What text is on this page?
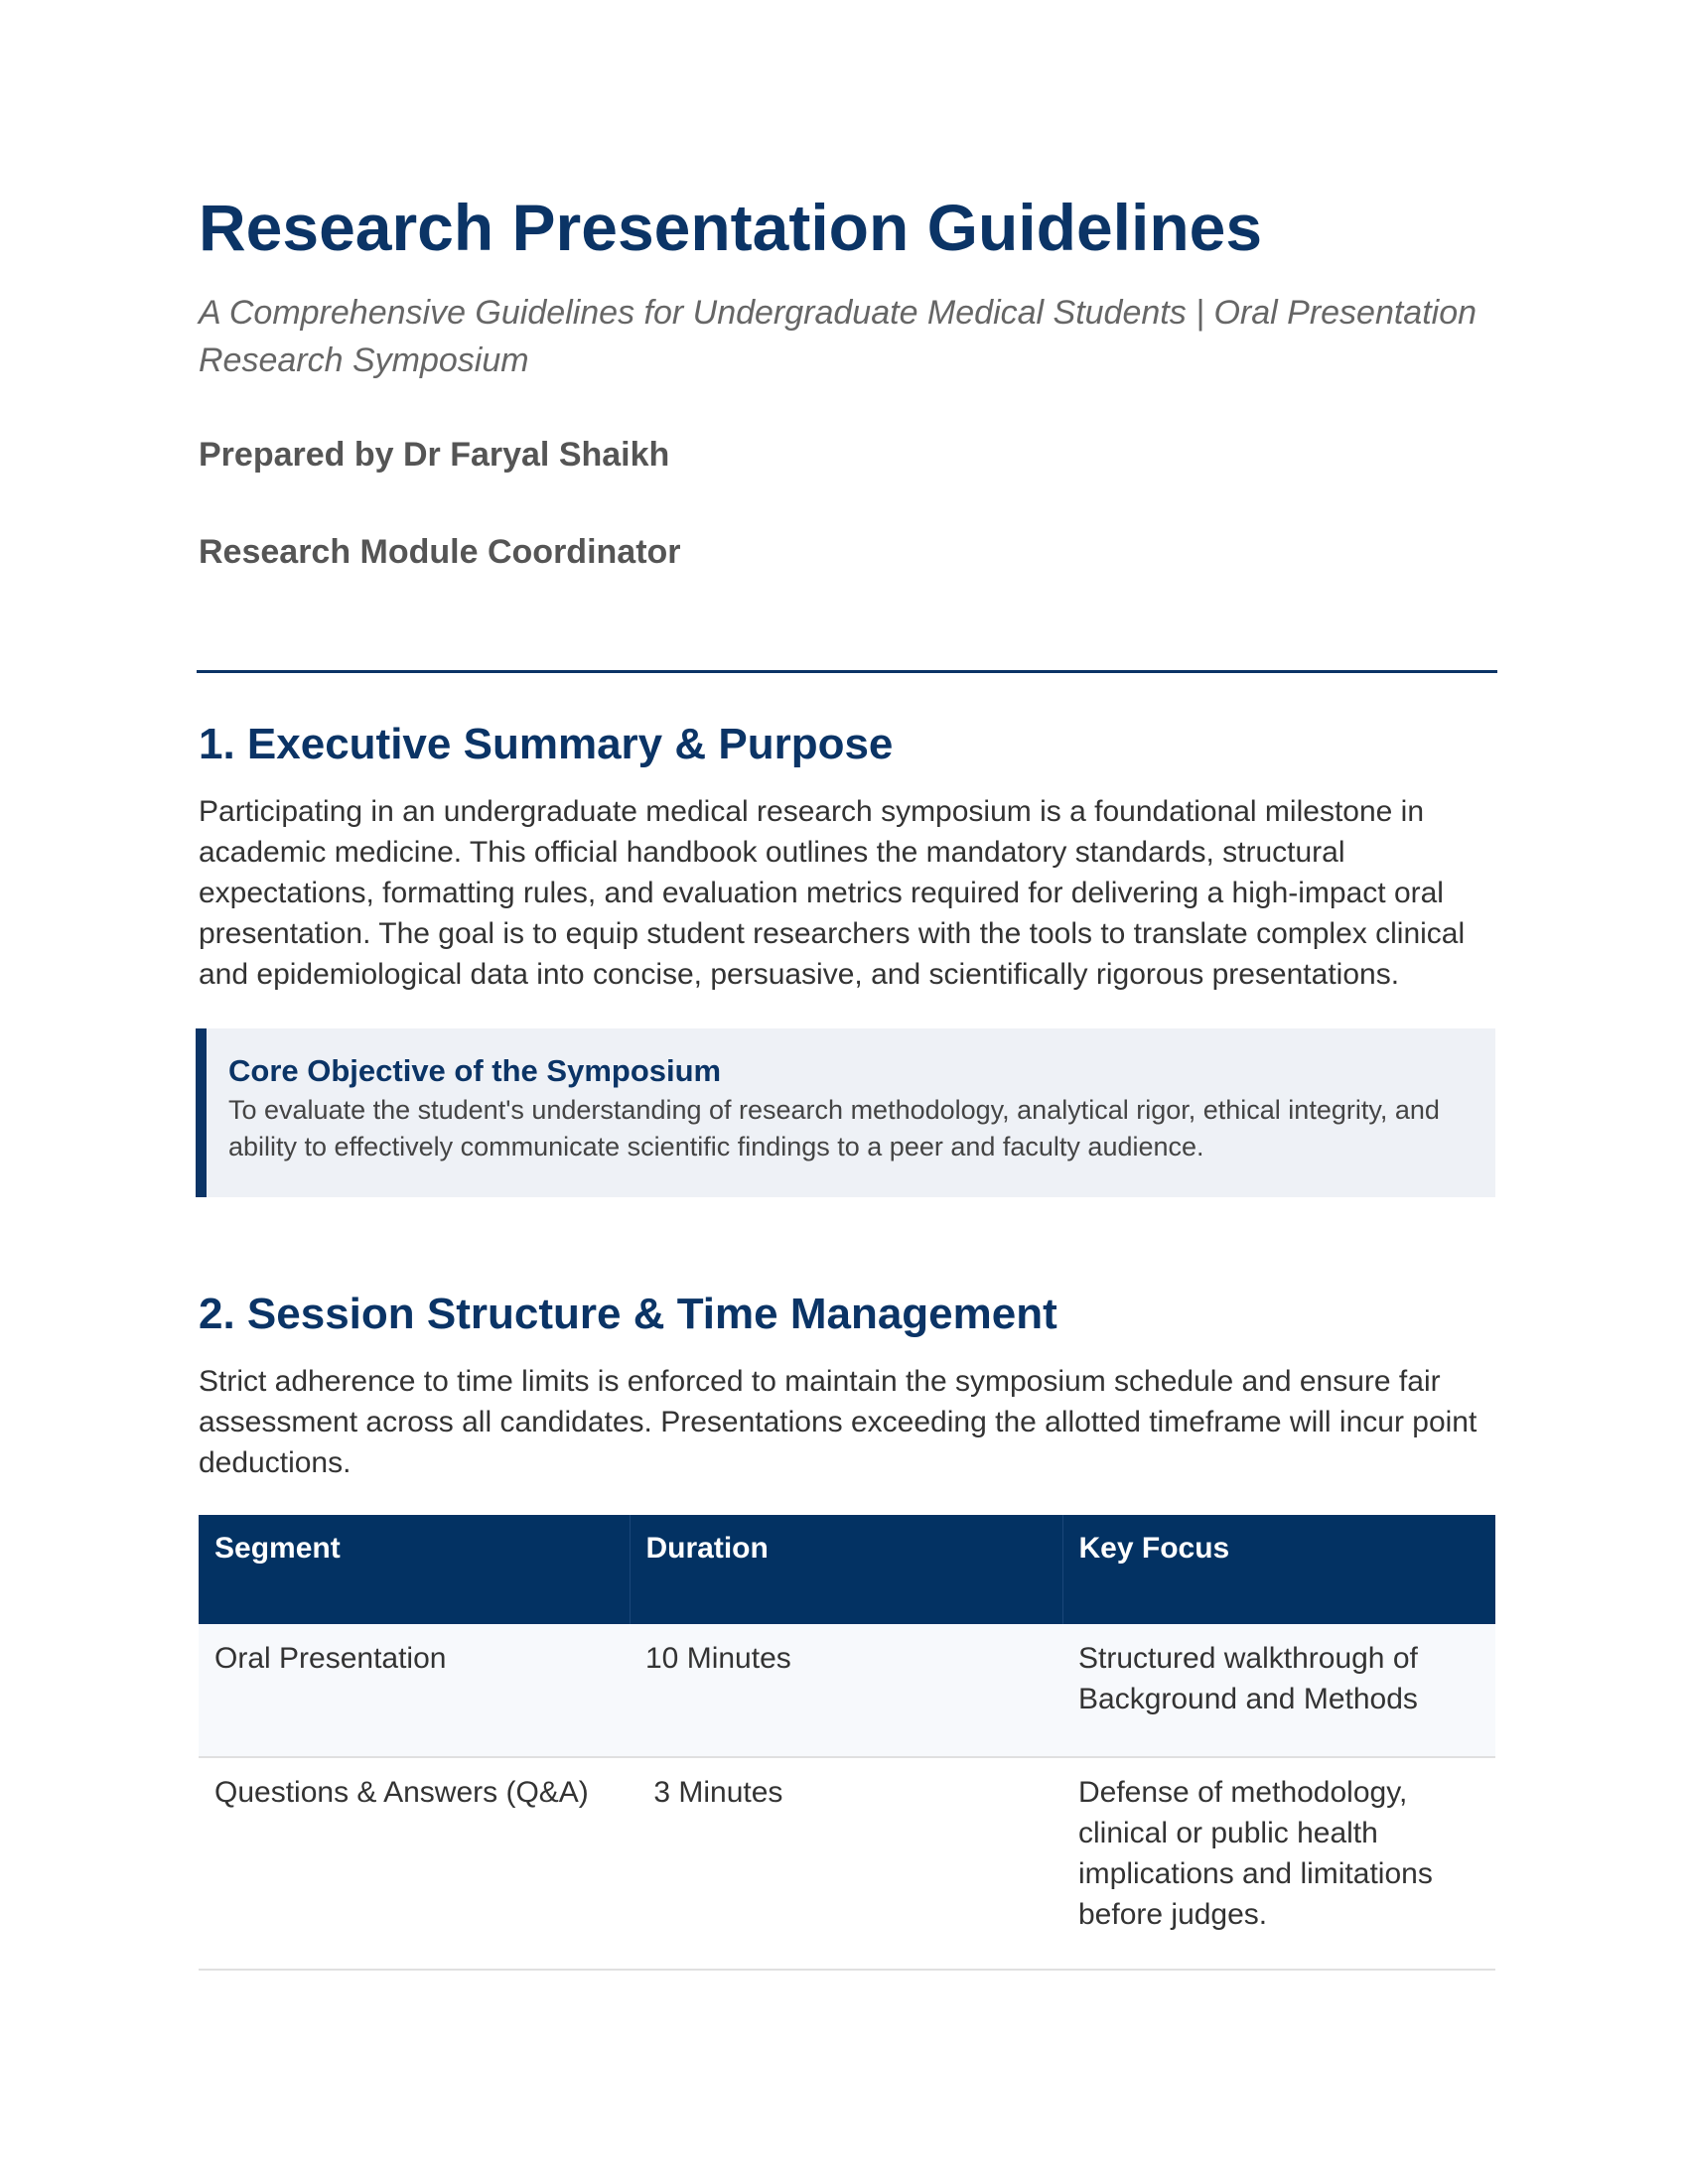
Research Presentation Guidelines

A Comprehensive Guidelines for Undergraduate Medical Students | Oral Presentation Research Symposium

Prepared by Dr Faryal Shaikh

Research Module Coordinator

1. Executive Summary & Purpose

Participating in an undergraduate medical research symposium is a foundational milestone in academic medicine. This official handbook outlines the mandatory standards, structural expectations, formatting rules, and evaluation metrics required for delivering a high-impact oral presentation. The goal is to equip student researchers with the tools to translate complex clinical and epidemiological data into concise, persuasive, and scientifically rigorous presentations.

Core Objective of the Symposium
To evaluate the student's understanding of research methodology, analytical rigor, ethical integrity, and ability to effectively communicate scientific findings to a peer and faculty audience.
2. Session Structure & Time Management

Strict adherence to time limits is enforced to maintain the symposium schedule and ensure fair assessment across all candidates. Presentations exceeding the allotted timeframe will incur point deductions.

Segment	Duration	Key Focus
Oral Presentation	10 Minutes	Structured walkthrough of Background and Methods
Questions & Answers (Q&A)	3 Minutes	Defense of methodology, clinical or public health implications and limitations before judges.
